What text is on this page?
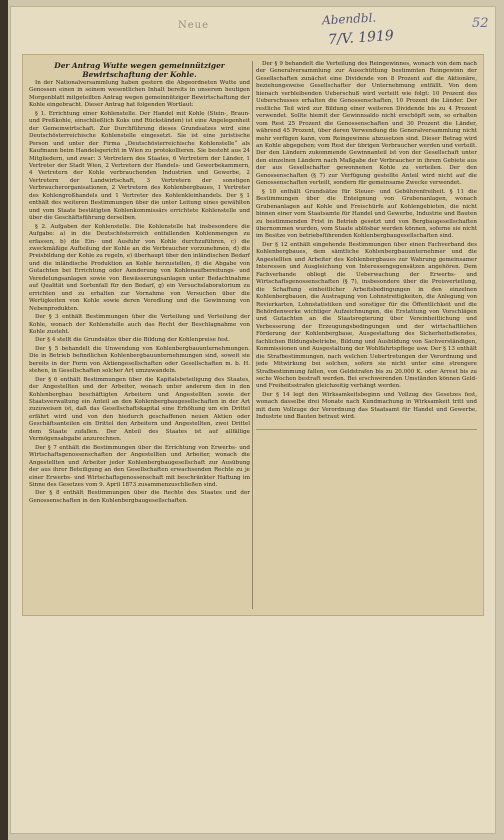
Neue	Abendbl.
7/V. 1919
52

Der Antrag Wutte wegen gemeinnütziger Bewirtschaftung der Kohle.

In der Nationalversammlung haben gestern die Abgeordneten Wutte und Genossen einen in seinem wesentlichen Inhalt bereits in unserem heutigen Morgenblatt mitgeteilten Antrag wegen gemeinnütziger Bewirtschaftung der Kohle eingebracht. Dieser Antrag hat folgenden Wortlaut:

§ 1. Errichtung einer Kohlenstelle. Der Handel mit Kohle (Stein-, Braun- und Preßkohle, einschließlich Koks und Rückständen) ist eine Angelegenheit der Gemeinwirtschaft. Zur Durchführung dieses Grundsatzes wird eine Deutschösterreichische Kohlenstelle eingesetzt. Sie ist eine juristische Person und unter der Firma „Deutschösterreichische Kohlenstelle“ als Kaufmann beim Handelsgericht in Wien zu protokollieren. Sie besteht aus 24 Mitgliedern, und zwar: 3 Vertretern des Staates, 6 Vertretern der Länder, 1 Vertreter der Stadt Wien, 2 Vertretern der Handels- und Gewerbekammern, 4 Vertretern der Kohle verbrauchenden Industrien und Gewerbe, 2 Vertretern der Landwirtschaft, 3 Vertretern der sonstigen Verbraucherorganisationen, 2 Vertretern des Kohlenbergbaues, 1 Vertreter des Kohlengroßhandels und 1 Vertreter des Kohlenkleinhandels. Der § 1 enthält des weiteren Bestimmungen über die unter Leitung eines gewählten und vom Staate bestätigten Kohlenkommissärs errichtete Kohlenstelle und über die Geschäftsführung derselben.

§ 2. Aufgaben der Kohlenstelle. Die Kohlenstelle hat insbesondere die Aufgabe: a) in die Deutschösterreich entfallenden Kohlenmengen zu erfassen, b) die Ein- und Ausfuhr von Kohle durchzuführen, c) die zweckmäßige Aufteilung der Kohle an die Verbraucher vorzunehmen, d) die Preisbildung der Kohle zu regeln, e) überhaupt über den inländischen Bedarf und die inländische Produktion an Kohle herzustellen, f) die Abgabe von Gutachten bei Errichtung oder Aenderung von Kohlenaufbereitungs- und Veredelungsanlagen sowie von Bewässerungsanlagen unter Bedachtnahme auf Qualität und Sortenfall für den Bedarf, g) ein Versuchslaboratorium zu errichten und zu erhalten zur Vornahme von Versuchen über die Wertigkeiten von Kohle sowie deren Veredlung und die Gewinnung von Nebenprodukten.

Der § 3 enthält Bestimmungen über die Verteilung und Verteilung der Kohle, wonach der Kohlenstelle auch das Recht der Beschlagnahme von Kohle zusteht.

Der § 4 stellt die Grundsätze über die Bildung der Kohlenpreise fest.

Der § 5 behandelt die Unwendung von Kohlenbergbauunternehmungen. Die in Betrieb befindlichen Kohlenbergbauunternehmungen sind, soweit sie bereits in der Form von Aktiengesellschaften oder Gesellschaften m. b. H. stehen, in Gesellschaften solcher Art umzuwandeln.

Der § 6 enthält Bestimmungen über die Kapitalsbeteiligung des Staates, der Angestellten und der Arbeiter, wonach unter anderem den in den Kohlenbergbau beschäftigten Arbeitern und Angestellten sowie der Staatsverwaltung ein Anteil an den Kohlenbergbaugesellschaften in der Art zuzuweisen ist, daß das Gesellschaftskapital eine Erhöhung um ein Drittel erfährt wird und von den hiedurch geschaffenen neuen Aktien oder Geschäftsanteilen ein Drittel den Arbeitern und Angestellten, zwei Drittel dem Staate zufallen. Der Anteil des Staates ist auf allfällige Vermögensabgabe anzurechnen.

Der § 7 enthält die Bestimmungen über die Errichtung von Erwerbs- und Wirtschaftsgenossenschaften der Angestellten und Arbeiter, wonach die Angestellten und Arbeiter jeder Kohlenbergbaugesellschaft zur Ausübung der aus ihrer Beteiligung an den Gesellschaften erwachsenden Rechte zu je einer Erwerbs- und Wirtschaftsgenossenschaft mit beschränkter Haftung im Sinne des Gesetzes vom 9. April 1873 zusammenzuschließen sind.

Der § 8 enthält Bestimmungen über die Rechte des Staates und der Genossenschaften in den Kohlenbergbaugesellschaften.

Der § 9 behandelt die Verteilung des Reingewinnes, wonach von dem nach der Generalversammlung zur Ausschüttung bestimmten Reingewinn der Gesellschaften zunächst eine Dividende von 8 Prozent auf die Aktionäre, beziehungsweise Gesellschafter der Unternehmung entfällt. Von dem hienach verbleibenden Ueberschuß wird verteilt wie folgt: 10 Prozent des Ueberschusses erhalten die Genossenschaften, 10 Prozent die Länder. Der restliche Teil wird zur Bildung einer weiteren Dividende bis zu 4 Prozent verwendet. Sollte hiemit der Gewinnsaldo nicht erschöpft sein, so erhalten vom Rest 25 Prozent die Genossenschaften und 30 Prozent die Länder, während 45 Prozent, über deren Verwendung die Generalversammlung nicht mehr verfügen kann, vom Reingewinne abzusetzen sind. Dieser Betrag wird an Kohle abgegeben; vom Rest der übrigen Verbraucher werden und verteilt. Der den Ländern zukommende Gewinnanteil ist von der Gesellschaft unter den einzelnen Ländern nach Maßgabe der Verbraucher in ihrem Gebiete aus der aus Gesellschafter gewonnenen Kohle zu verteilen. Der den Genossenschaften (§ 7) zur Verfügung gestellte Anteil wird nicht auf die Genossenschaften verteilt, sondern für gemeinsame Zwecke verwendet.

§ 10 enthält Grundsätze für Steuer- und Gebührenfreiheit. § 11 die Bestimmungen über die Enteignung von Grubenanlagen, wonach Grubenanlagen auf Kohle und Freischürfe auf Kohlengebieten, die nicht binnen einer vom Staatsamte für Handel und Gewerbe, Industrie und Bauten zu bestimmenden Frist in Betrieb gesetzt und von Bergbaugesellschaften übernommen wurden, vom Staate ablösbar werden können, soferne sie nicht im Besitze von betriebsführenden Kohlenbergbaugesellschaften sind.

Der § 12 enthält eingehende Bestimmungen über einen Fachverband des Kohlenbergbaues, dem sämtliche Kohlenbergbauunternehmer und die Angestellten und Arbeiter des Kohlenbergbaues zur Wahrung gemeinsamer Interessen und Ausgleichung von Interessengegensätzen angehören. Dem Fachverbande obliegt die Ueberwachung der Erwerbs- und Wirtschaftsgenossenschaften (§ 7), insbesondere über die Preisverteilung, die Schaffung einheitlicher Arbeitsbedingungen in den einzelnen Kohlenbergbauen, die Austragung von Lohnstreitigkeiten, die Anlegung von Revierkarten, Lohnstatistiken und sonstiger für die Öffentlichkeit und die Behördenwerke wichtiger Aufzeichnungen, die Erstattung von Vorschlägen und Gutachten an die Staatsregierung über Vereinheitlichung und Verbesserung der Erzeugungsbedingungen und der wirtschaftlichen Förderung der Kohlenbergbaue, Ausgestaltung des Sicherheitsdienstes, fachlichen Bildungsbetriebe, Bildung und Ausbildung von Sachverständigen, Kommissionen und Ausgestaltung der Wohlfahrtspflege usw. Der § 13 enthält die Strafbestimmungen, nach welchen Uebertretungen der Verordnung und jede Mitwirkung bei solchen, sofern sie nicht unter eine strengere Strafbestimmung fallen, von Geldstrafen bis zu 20.000 K. oder Arrest bis zu sechs Wochen bestraft werden. Bei erschwerenden Umständen können Geld- und Freiheitsstrafen gleichzeitig verhängt werden.

Der § 14 legt den Wirksamkeitsbeginn und Vollzug des Gesetzes fest, wonach dasselbe drei Monate nach Kundmachung in Wirksamkeit tritt und mit dem Vollzuge der Verordnung das Staatsamt für Handel und Gewerbe, Industrie und Bauten betraut wird.
